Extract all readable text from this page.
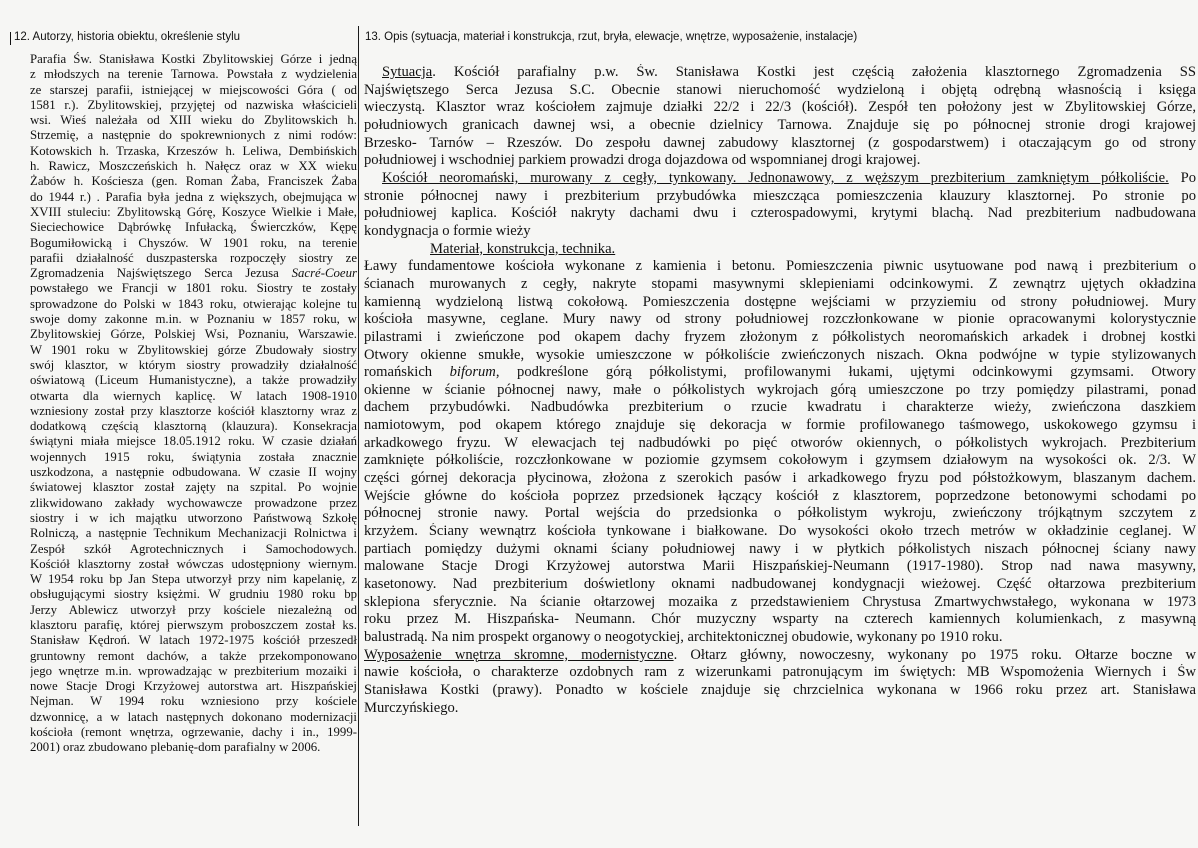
12. Autorzy, historia obiektu, określenie stylu	13. Opis (sytuacja, materiał i konstrukcja, rzut, bryła, elewacje, wnętrze, wyposażenie, instalacje)

Parafia Św. Stanisława Kostki Zbylitowskiej Górze i jedną

z młodszych na terenie Tarnowa. Powstała z wydzielenia

ze starszej parafii, istniejącej w miejscowości Góra ( od

1581 r.). Zbylitowskiej, przyjętej od nazwiska właścicieli

wsi. Wieś należała od XIII wieku do Zbylitowskich h.

Strzemię, a następnie do spokrewnionych z nimi rodów:

Kotowskich h. Trzaska, Krzeszów h. Leliwa, Dembińskich

h. Rawicz, Moszczeńskich h. Nałęcz oraz w XX wieku

Żabów h. Kościesza (gen. Roman Żaba, Franciszek Żaba

do 1944 r.) . Parafia była jedna z większych, obejmująca w

XVIII stuleciu: Zbylitowską Górę, Koszyce Wielkie i Małe,

Sieciechowice Dąbrówkę Infułacką, Świerczków, Kępę

Bogumiłowicką i Chyszów. W 1901 roku, na terenie

parafii działalność duszpasterska rozpoczęły siostry ze

Zgromadzenia Najświętszego Serca Jezusa Sacré-Coeur

powstałego we Francji w 1801 roku. Siostry te zostały

sprowadzone do Polski w 1843 roku, otwierając kolejne tu

swoje domy zakonne m.in. w Poznaniu w 1857 roku, w

Zbylitowskiej Górze, Polskiej Wsi, Poznaniu, Warszawie.

W 1901 roku w Zbylitowskiej górze Zbudowały siostry

swój klasztor, w którym siostry prowadziły działalność

oświatową (Liceum Humanistyczne), a także prowadziły

otwarta dla wiernych kaplicę. W latach 1908-1910

wzniesiony został przy klasztorze kościół klasztorny wraz z

dodatkową częścią klasztorną (klauzura). Konsekracja

świątyni miała miejsce 18.05.1912 roku. W czasie działań

wojennych 1915 roku, świątynia została znacznie

uszkodzona, a następnie odbudowana. W czasie II wojny

światowej klasztor został zajęty na szpital. Po wojnie

zlikwidowano zakłady wychowawcze prowadzone przez

siostry i w ich majątku utworzono Państwową Szkołę

Rolniczą, a następnie Technikum Mechanizacji Rolnictwa i

Zespół szkół Agrotechnicznych i Samochodowych.

Kościół klasztorny został wówczas udostępniony wiernym.

W 1954 roku bp Jan Stepa utworzył przy nim kapelanię, z

obsługującymi siostry księżmi. W grudniu 1980 roku bp

Jerzy Ablewicz utworzył przy kościele niezależną od

klasztoru parafię, której pierwszym proboszczem został ks.

Stanisław Kędroń. W latach 1972-1975 kościół przeszedł

gruntowny remont dachów, a także przekomponowano

jego wnętrze m.in. wprowadzając w prezbiterium mozaiki i

nowe Stacje Drogi Krzyżowej autorstwa art. Hiszpańskiej

Nejman. W 1994 roku wzniesiono przy kościele

dzwonnicę, a w latach następnych dokonano modernizacji

kościoła (remont wnętrza, ogrzewanie, dachy i in., 1999-

2001) oraz zbudowano plebanię-dom parafialny w 2006.

Sytuacja. Kościół parafialny p.w. Św. Stanisława Kostki jest częścią założenia klasztornego Zgromadzenia SS

Najświętszego Serca Jezusa S.C. Obecnie stanowi nieruchomość wydzieloną i objętą odrębną własnością i księga

wieczystą. Klasztor wraz kościołem zajmuje działki 22/2 i 22/3 (kościół). Zespół ten położony jest w Zbylitowskiej Górze,

południowych granicach dawnej wsi, a obecnie dzielnicy Tarnowa. Znajduje się po północnej stronie drogi krajowej

Brzesko- Tarnów – Rzeszów. Do zespołu dawnej zabudowy klasztornej (z gospodarstwem) i otaczającym go od strony

południowej i wschodniej parkiem prowadzi droga dojazdowa od wspomnianej drogi krajowej.

Kościół neoromański, murowany z cegły, tynkowany. Jednonawowy, z węższym prezbiterium zamkniętym półkoliście. Po

stronie północnej nawy i prezbiterium przybudówka mieszcząca pomieszczenia klauzury klasztornej. Po stronie po

południowej kaplica. Kościół nakryty dachami dwu i czterospadowymi, krytymi blachą. Nad prezbiterium nadbudowana

kondygnacja o formie wieży

Materiał, konstrukcja, technika.

Ławy fundamentowe kościoła wykonane z kamienia i betonu. Pomieszczenia piwnic usytuowane pod nawą i prezbiterium o

ścianach murowanych z cegły, nakryte stopami masywnymi sklepieniami odcinkowymi. Z zewnątrz ujętych okładzina

kamienną wydzieloną listwą cokołową. Pomieszczenia dostępne wejściami w przyziemiu od strony południowej. Mury

kościoła masywne, ceglane. Mury nawy od strony południowej rozczłonkowane w pionie opracowanymi kolorystycznie

pilastrami i zwieńczone pod okapem dachy fryzem złożonym z półkolistych neoromańskich arkadek i drobnej kostki

Otwory okienne smukłe, wysokie umieszczone w półkoliście zwieńczonych niszach. Okna podwójne w typie stylizowanych

romańskich biforum, podkreślone górą półkolistymi, profilowanymi łukami, ujętymi odcinkowymi gzymsami. Otwory

okienne w ścianie północnej nawy, małe o półkolistych wykrojach górą umieszczone po trzy pomiędzy pilastrami, ponad

dachem przybudówki. Nadbudówka prezbiterium o rzucie kwadratu i charakterze wieży, zwieńczona daszkiem

namiotowym, pod okapem którego znajduje się dekoracja w formie profilowanego taśmowego, uskokowego gzymsu i

arkadkowego fryzu. W elewacjach tej nadbudówki po pięć otworów okiennych, o półkolistych wykrojach. Prezbiterium

zamknięte półkoliście, rozczłonkowane w poziomie gzymsem cokołowym i gzymsem działowym na wysokości ok. 2/3. W

części górnej dekoracja płycinowa, złożona z szerokich pasów i arkadkowego fryzu pod półstożkowym, blaszanym dachem.

Wejście główne do kościoła poprzez przedsionek łączący kościół z klasztorem, poprzedzone betonowymi schodami po

północnej stronie nawy. Portal wejścia do przedsionka o półkolistym wykroju, zwieńczony trójkątnym szczytem z

krzyżem. Ściany wewnątrz kościoła tynkowane i białkowane. Do wysokości około trzech metrów w okładzinie ceglanej. W

partiach pomiędzy dużymi oknami ściany południowej nawy i w płytkich półkolistych niszach północnej ściany nawy

malowane Stacje Drogi Krzyżowej autorstwa Marii Hiszpańskiej-Neumann (1917-1980). Strop nad nawa masywny,

kasetonowy. Nad prezbiterium doświetlony oknami nadbudowanej kondygnacji wieżowej. Część ołtarzowa prezbiterium

sklepiona sferycznie. Na ścianie ołtarzowej mozaika z przedstawieniem Chrystusa Zmartwychwstałego, wykonana w 1973

roku przez M. Hiszpańska- Neumann. Chór muzyczny wsparty na czterech kamiennych kolumienkach, z masywną

balustradą. Na nim prospekt organowy o neogotyckiej, architektonicznej obudowie, wykonany po 1910 roku.

Wyposażenie wnętrza skromne, modernistyczne. Ołtarz główny, nowoczesny, wykonany po 1975 roku. Ołtarze boczne w

nawie kościoła, o charakterze ozdobnych ram z wizerunkami patronującym im świętych: MB Wspomożenia Wiernych i Św

Stanisława Kostki (prawy). Ponadto w kościele znajduje się chrzcielnica wykonana w 1966 roku przez art. Stanisława

Murczyńskiego.
